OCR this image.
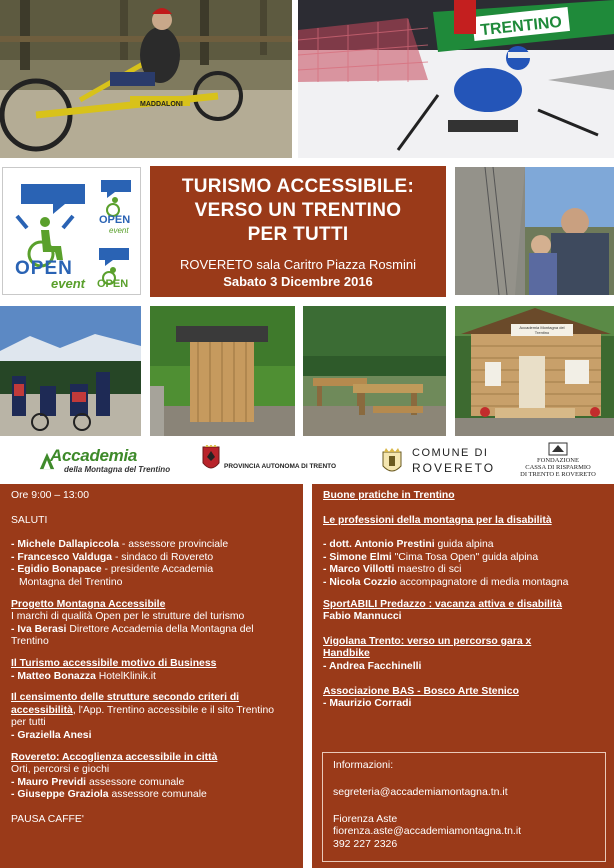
MADDALONI
TRENTINO
OPEN
event
OPEN
event
OPEN
TURISMO ACCESSIBILE:
VERSO UN TRENTINO
PER TUTTI
ROVERETO sala Caritro Piazza Rosmini
Sabato 3 Dicembre 2016
Accademia Montagna del Trentino
Accademia
della Montagna del Trentino	PROVINCIA AUTONOMA DI TRENTO
COMUNE DI
ROVERETO
FONDAZIONE
CASSA DI RISPARMIO
DI TRENTO E ROVERETO
Ore 9:00 – 13:00
SALUTI
- Michele Dallapiccola - assessore provinciale
- Francesco Valduga - sindaco di Rovereto
- Egidio Bonapace - presidente Accademia
Montagna del Trentino
Progetto Montagna Accessibile
I marchi di qualità Open per le strutture del turismo
- Iva Berasi Direttore Accademia della Montagna del
Trentino
Il Turismo accessibile motivo di Business
- Matteo Bonazza HotelKlinik.it
Il censimento delle strutture secondo criteri di
accessibilità, l'App. Trentino accessibile e il sito Trentino
per tutti
- Graziella Anesi
Rovereto: Accoglienza accessibile in città
Orti, percorsi e giochi
- Mauro Previdi assessore comunale
- Giuseppe Graziola assessore comunale
PAUSA CAFFE'
Buone pratiche in Trentino
Le professioni della montagna per la disabilità
- dott. Antonio Prestini guida alpina
- Simone Elmi "Cima Tosa Open" guida alpina
- Marco Villotti maestro di sci
- Nicola Cozzio accompagnatore di media montagna
SportABILI Predazzo : vacanza attiva e disabilità
Fabio Mannucci
Vigolana Trento: verso un percorso gara x
Handbike
- Andrea Facchinelli
Associazione BAS - Bosco Arte Stenico
- Maurizio Corradi
Informazioni:
segreteria@accademiamontagna.tn.it
Fiorenza Aste
fiorenza.aste@accademiamontagna.tn.it
392 227 2326
